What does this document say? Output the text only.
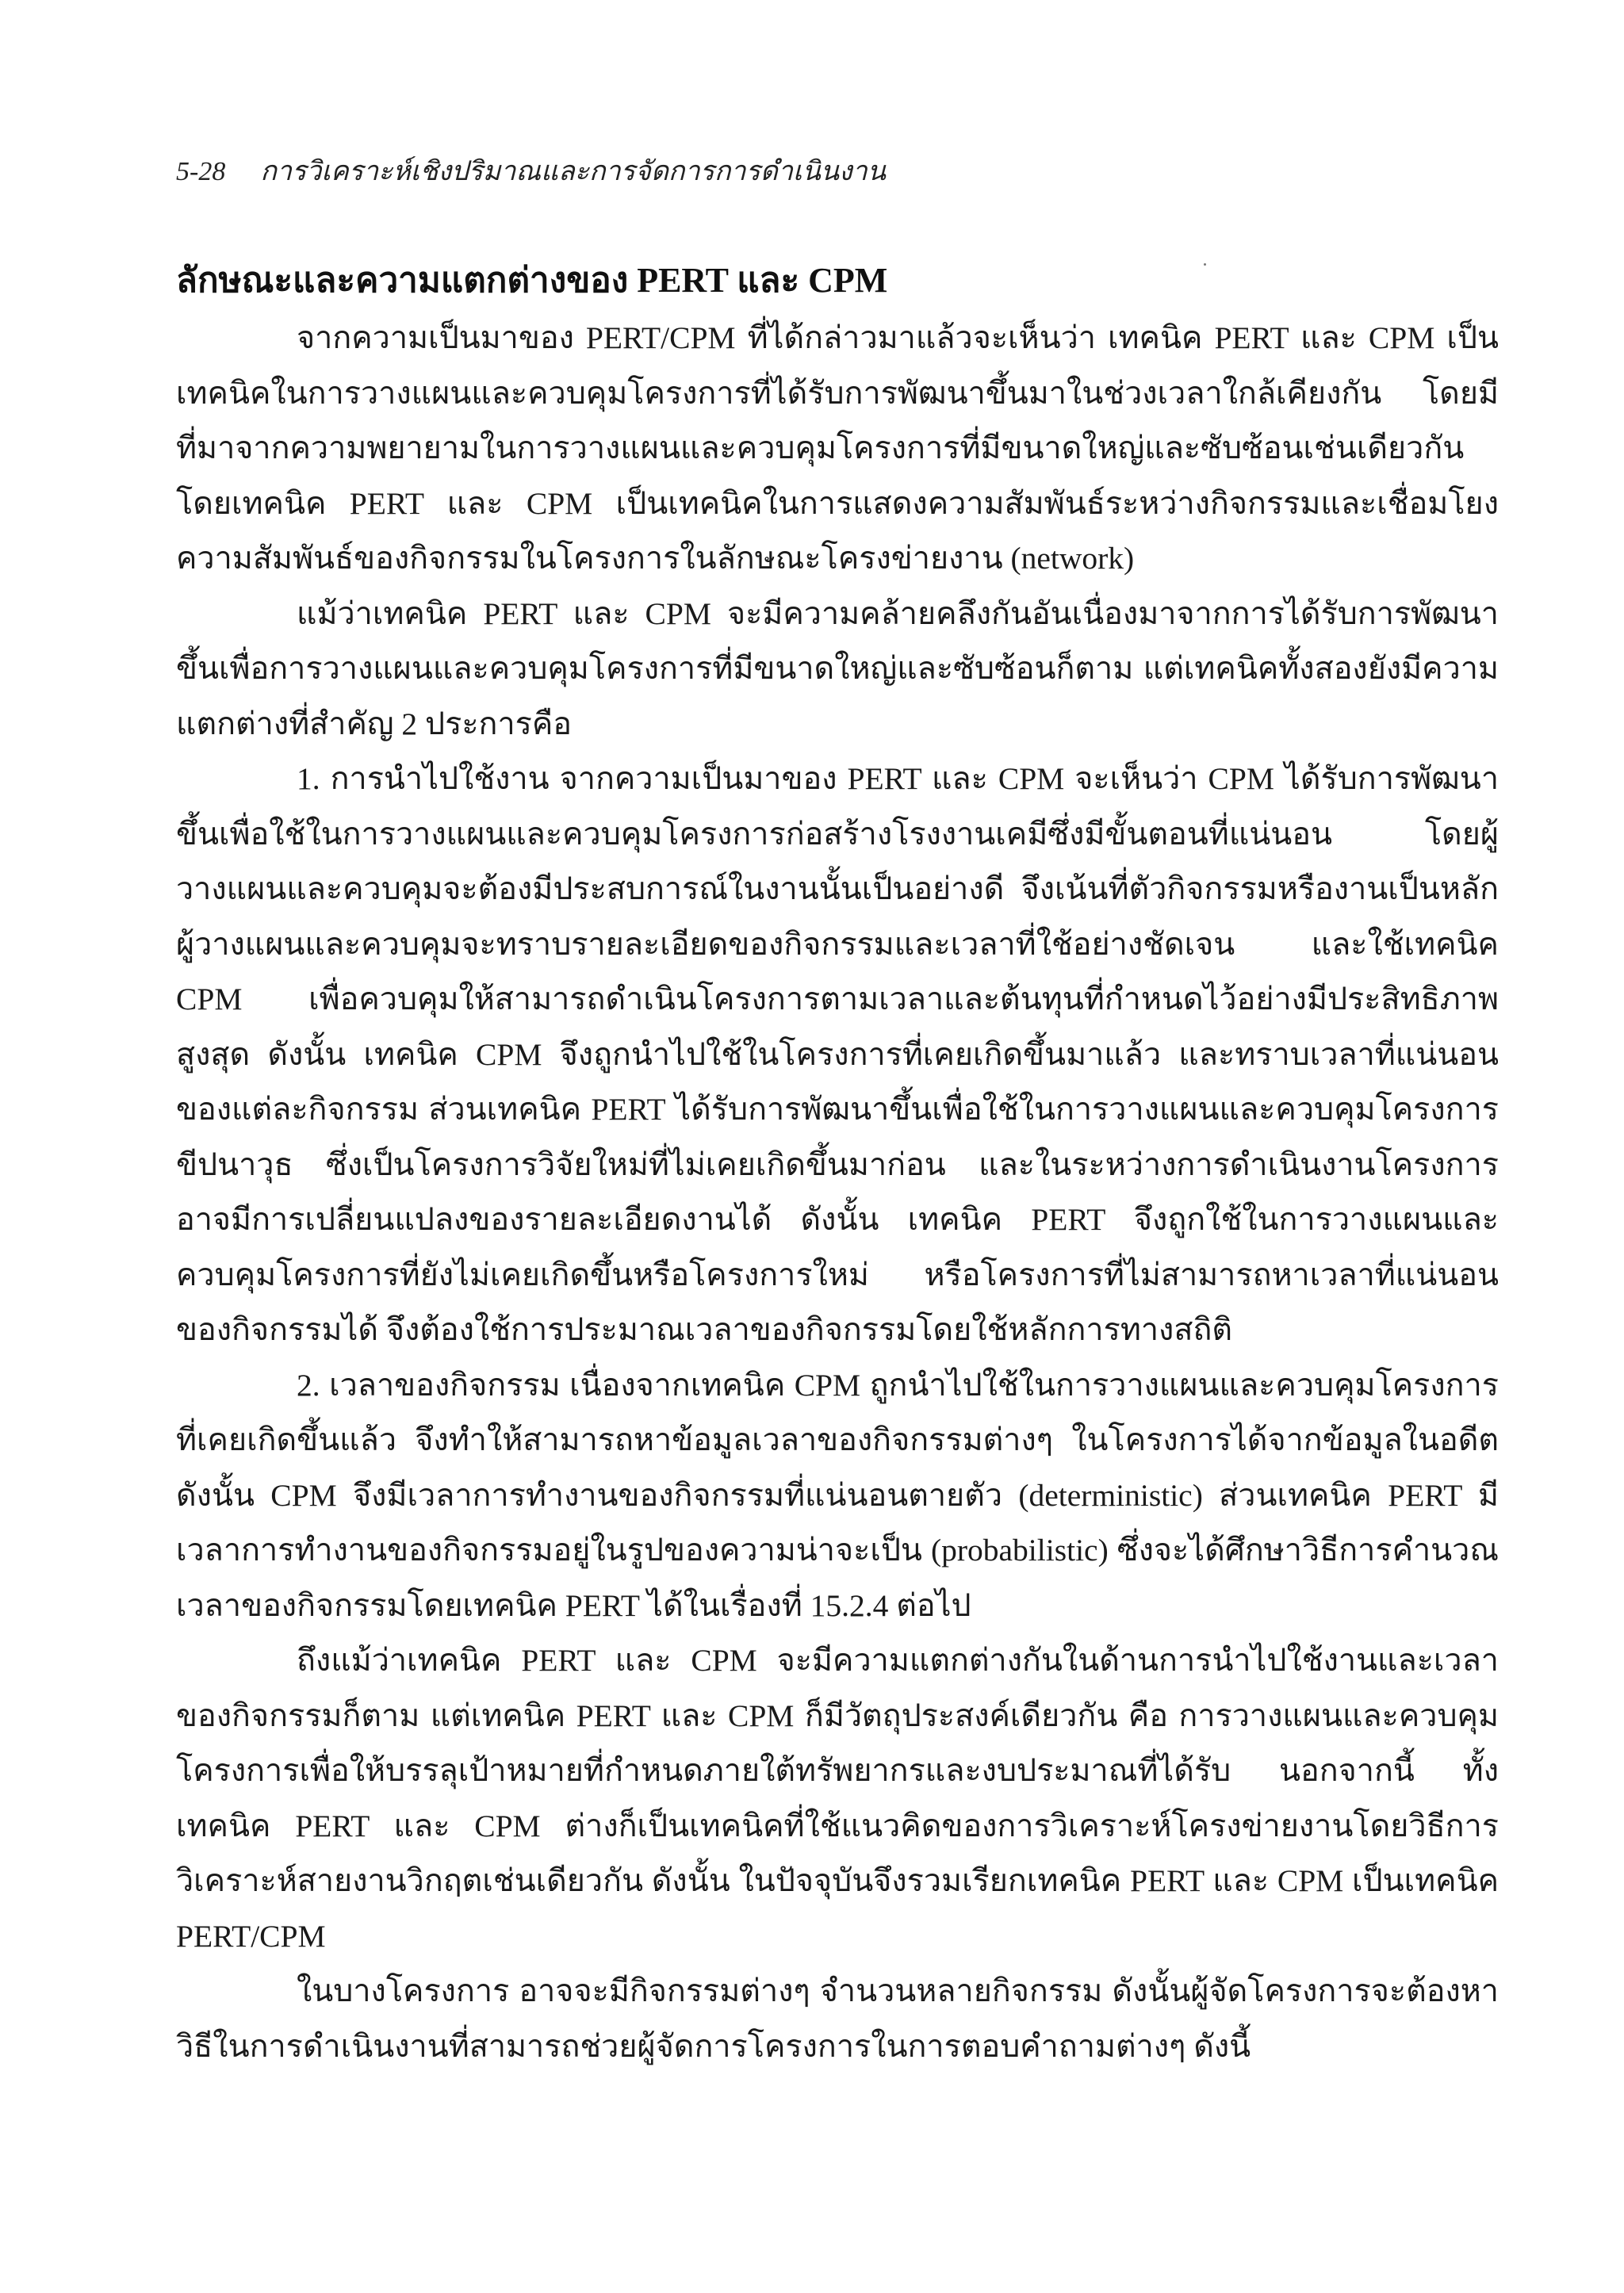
5-28 การวิเคราะห์เชิงปริมาณและการจัดการการดำเนินงาน
ลักษณะและความแตกต่างของ PERT และ CPM

จากความเป็นมาของ PERT/CPM ที่ได้กล่าวมาแล้วจะเห็นว่า เทคนิค PERT และ CPM เป็นเทคนิคในการวางแผนและควบคุมโครงการที่ได้รับการพัฒนาขึ้นมาในช่วงเวลาใกล้เคียงกัน โดยมีที่มาจากความพยายามในการวางแผนและควบคุมโครงการที่มีขนาดใหญ่และซับซ้อนเช่นเดียวกัน โดยเทคนิค PERT และ CPM เป็นเทคนิคในการแสดงความสัมพันธ์ระหว่างกิจกรรมและเชื่อมโยงความสัมพันธ์ของกิจกรรมในโครงการในลักษณะโครงข่ายงาน (network)

แม้ว่าเทคนิค PERT และ CPM จะมีความคล้ายคลึงกันอันเนื่องมาจากการได้รับการพัฒนาขึ้นเพื่อการวางแผนและควบคุมโครงการที่มีขนาดใหญ่และซับซ้อนก็ตาม แต่เทคนิคทั้งสองยังมีความแตกต่างที่สำคัญ 2 ประการคือ

1. การนำไปใช้งาน จากความเป็นมาของ PERT และ CPM จะเห็นว่า CPM ได้รับการพัฒนาขึ้นเพื่อใช้ในการวางแผนและควบคุมโครงการก่อสร้างโรงงานเคมีซึ่งมีขั้นตอนที่แน่นอน โดยผู้วางแผนและควบคุมจะต้องมีประสบการณ์ในงานนั้นเป็นอย่างดี จึงเน้นที่ตัวกิจกรรมหรืองานเป็นหลัก ผู้วางแผนและควบคุมจะทราบรายละเอียดของกิจกรรมและเวลาที่ใช้อย่างชัดเจน และใช้เทคนิค CPM เพื่อควบคุมให้สามารถดำเนินโครงการตามเวลาและต้นทุนที่กำหนดไว้อย่างมีประสิทธิภาพสูงสุด ดังนั้น เทคนิค CPM จึงถูกนำไปใช้ในโครงการที่เคยเกิดขึ้นมาแล้ว และทราบเวลาที่แน่นอนของแต่ละกิจกรรม ส่วนเทคนิค PERT ได้รับการพัฒนาขึ้นเพื่อใช้ในการวางแผนและควบคุมโครงการขีปนาวุธ ซึ่งเป็นโครงการวิจัยใหม่ที่ไม่เคยเกิดขึ้นมาก่อน และในระหว่างการดำเนินงานโครงการอาจมีการเปลี่ยนแปลงของรายละเอียดงานได้ ดังนั้น เทคนิค PERT จึงถูกใช้ในการวางแผนและควบคุมโครงการที่ยังไม่เคยเกิดขึ้นหรือโครงการใหม่ หรือโครงการที่ไม่สามารถหาเวลาที่แน่นอนของกิจกรรมได้ จึงต้องใช้การประมาณเวลาของกิจกรรมโดยใช้หลักการทางสถิติ

2. เวลาของกิจกรรม เนื่องจากเทคนิค CPM ถูกนำไปใช้ในการวางแผนและควบคุมโครงการที่เคยเกิดขึ้นแล้ว จึงทำให้สามารถหาข้อมูลเวลาของกิจกรรมต่างๆ ในโครงการได้จากข้อมูลในอดีต ดังนั้น CPM จึงมีเวลาการทำงานของกิจกรรมที่แน่นอนตายตัว (deterministic) ส่วนเทคนิค PERT มีเวลาการทำงานของกิจกรรมอยู่ในรูปของความน่าจะเป็น (probabilistic) ซึ่งจะได้ศึกษาวิธีการคำนวณเวลาของกิจกรรมโดยเทคนิค PERT ได้ในเรื่องที่ 15.2.4 ต่อไป

ถึงแม้ว่าเทคนิค PERT และ CPM จะมีความแตกต่างกันในด้านการนำไปใช้งานและเวลาของกิจกรรมก็ตาม แต่เทคนิค PERT และ CPM ก็มีวัตถุประสงค์เดียวกัน คือ การวางแผนและควบคุมโครงการเพื่อให้บรรลุเป้าหมายที่กำหนดภายใต้ทรัพยากรและงบประมาณที่ได้รับ นอกจากนี้ ทั้งเทคนิค PERT และ CPM ต่างก็เป็นเทคนิคที่ใช้แนวคิดของการวิเคราะห์โครงข่ายงานโดยวิธีการวิเคราะห์สายงานวิกฤตเช่นเดียวกัน ดังนั้น ในปัจจุบันจึงรวมเรียกเทคนิค PERT และ CPM เป็นเทคนิค PERT/CPM

ในบางโครงการ อาจจะมีกิจกรรมต่างๆ จำนวนหลายกิจกรรม ดังนั้นผู้จัดโครงการจะต้องหาวิธีในการดำเนินงานที่สามารถช่วยผู้จัดการโครงการในการตอบคำถามต่างๆ ดังนี้
